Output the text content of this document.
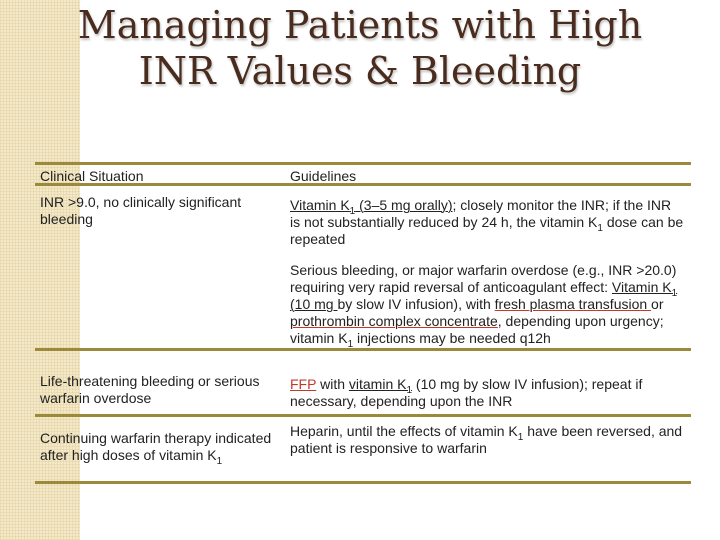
Managing Patients with High
INR Values & Bleeding
Clinical Situation	Guidelines
INR >9.0, no clinically significant bleeding
Vitamin $K_1$ (3–5 mg orally); closely monitor the INR; if the INR is not substantially reduced by 24 h, the vitamin $K_1$ dose can be repeated
Serious bleeding, or major warfarin overdose (e.g., INR >20.0) requiring very rapid reversal of anticoagulant effect: Vitamin $K_1$ (10 mg by slow IV infusion), with fresh plasma transfusion or prothrombin complex concentrate, depending upon urgency; vitamin $K_1$ injections may be needed q12h
Life-threatening bleeding or serious warfarin overdose
FFP with vitamin $K_1$ (10 mg by slow IV infusion); repeat if necessary, depending upon the INR
Continuing warfarin therapy indicated after high doses of vitamin $K_1$
Heparin, until the effects of vitamin $K_1$ have been reversed, and patient is responsive to warfarin
